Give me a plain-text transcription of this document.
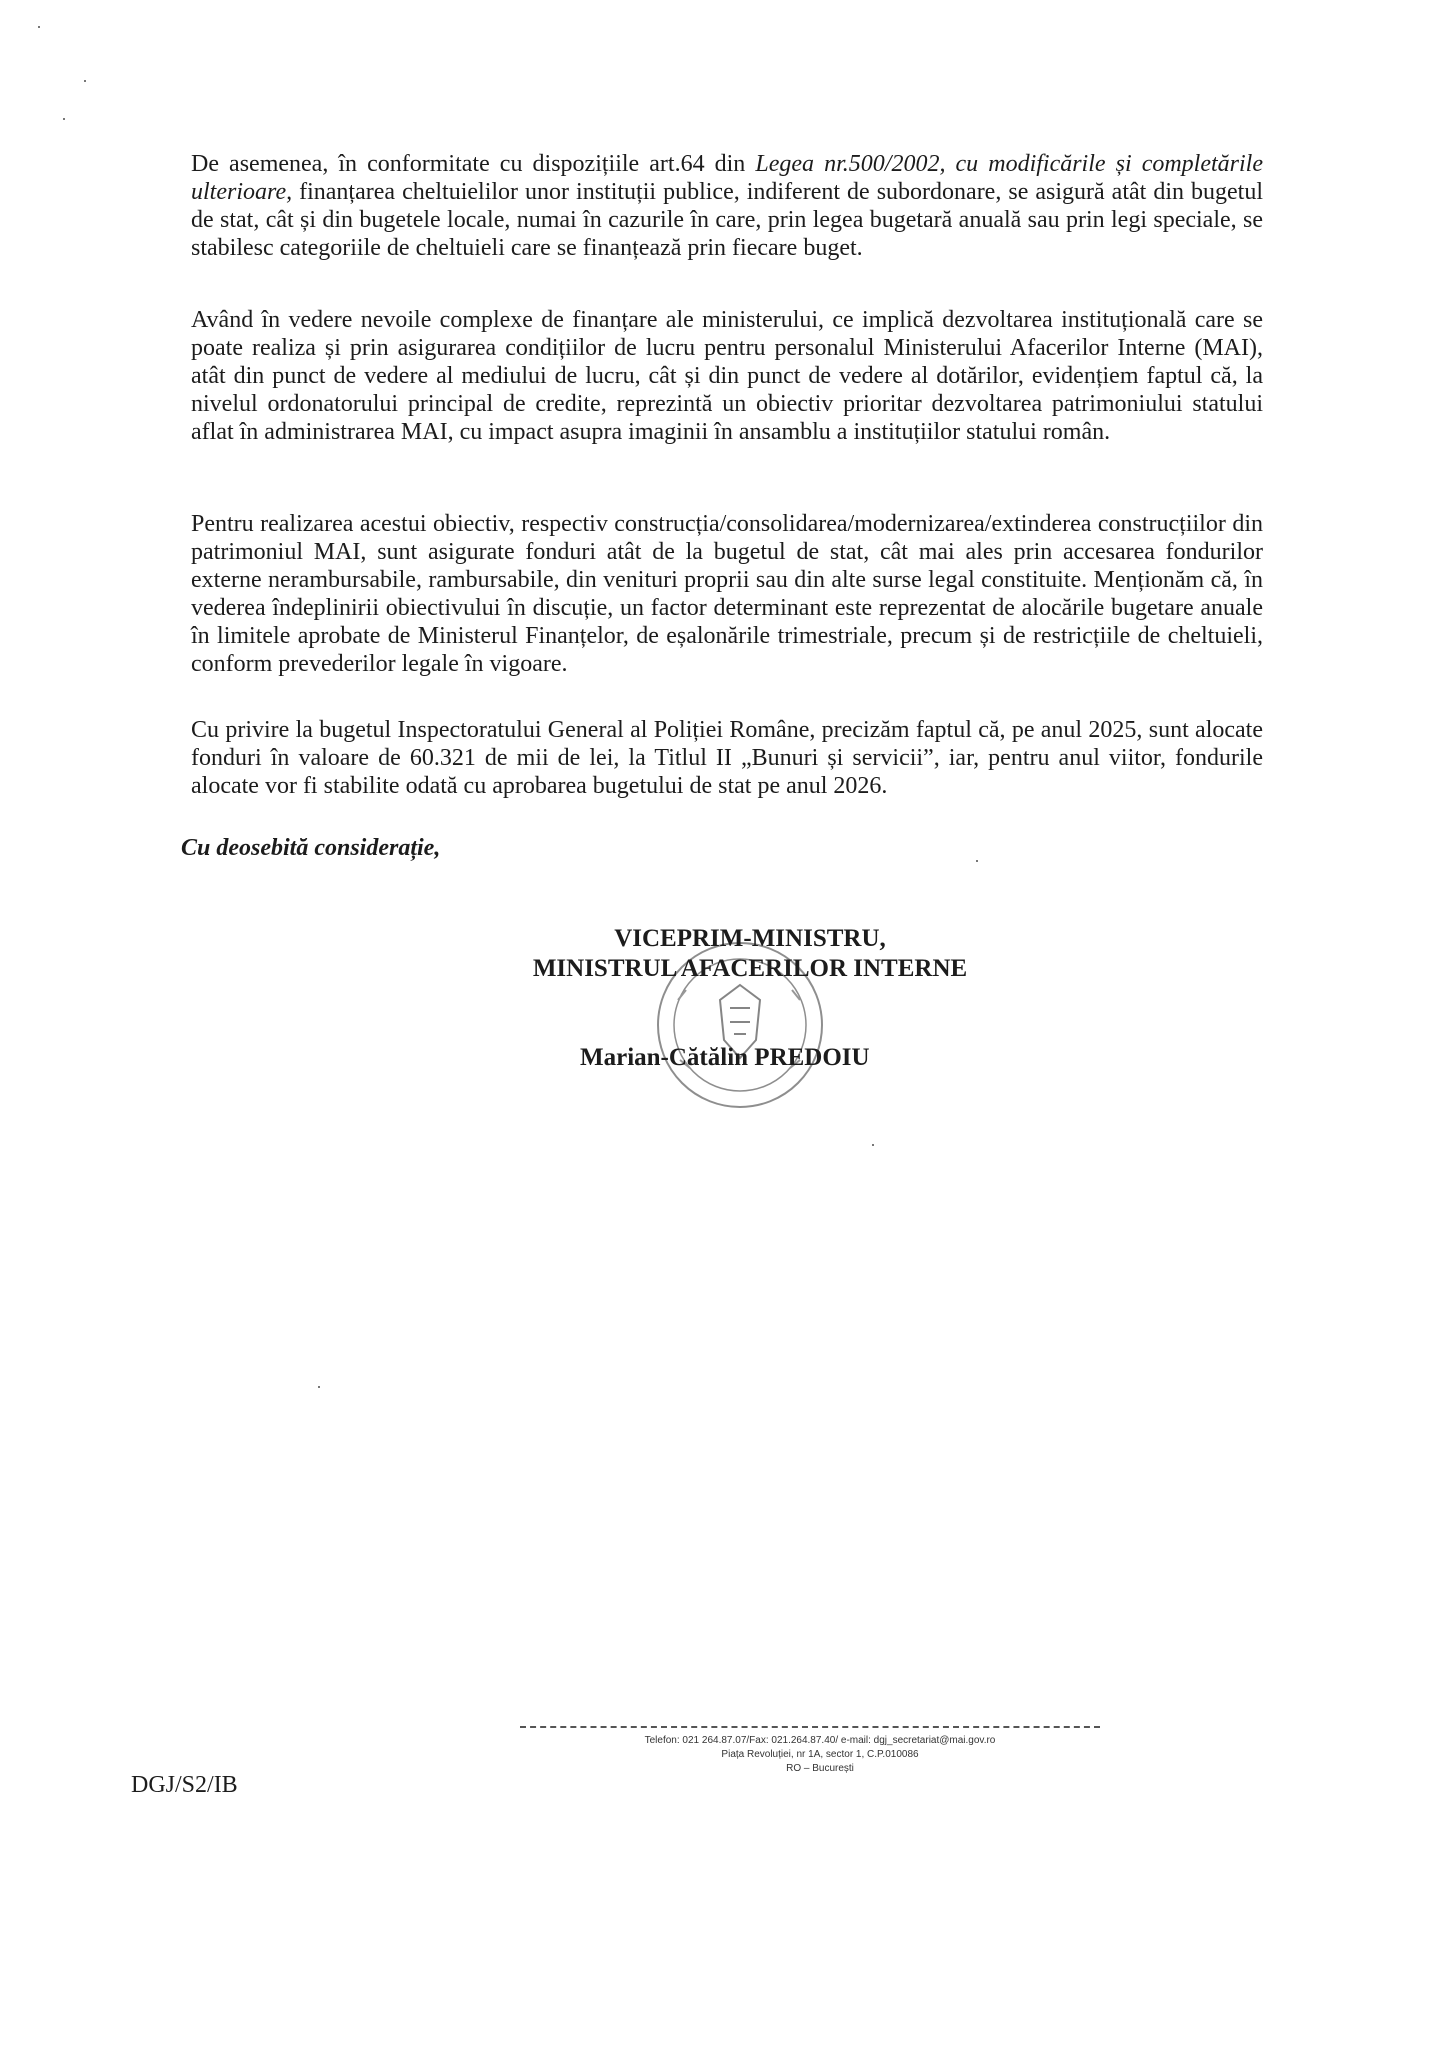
De asemenea, în conformitate cu dispozițiile art.64 din Legea nr.500/2002, cu modificările și completările ulterioare, finanțarea cheltuielilor unor instituții publice, indiferent de subordonare, se asigură atât din bugetul de stat, cât și din bugetele locale, numai în cazurile în care, prin legea bugetară anuală sau prin legi speciale, se stabilesc categoriile de cheltuieli care se finanțează prin fiecare buget.

Având în vedere nevoile complexe de finanțare ale ministerului, ce implică dezvoltarea instituțională care se poate realiza și prin asigurarea condițiilor de lucru pentru personalul Ministerului Afacerilor Interne (MAI), atât din punct de vedere al mediului de lucru, cât și din punct de vedere al dotărilor, evidențiem faptul că, la nivelul ordonatorului principal de credite, reprezintă un obiectiv prioritar dezvoltarea patrimoniului statului aflat în administrarea MAI, cu impact asupra imaginii în ansamblu a instituțiilor statului român.

Pentru realizarea acestui obiectiv, respectiv construcția/consolidarea/modernizarea/extinderea construcțiilor din patrimoniul MAI, sunt asigurate fonduri atât de la bugetul de stat, cât mai ales prin accesarea fondurilor externe nerambursabile, rambursabile, din venituri proprii sau din alte surse legal constituite. Menționăm că, în vederea îndeplinirii obiectivului în discuție, un factor determinant este reprezentat de alocările bugetare anuale în limitele aprobate de Ministerul Finanțelor, de eșalonările trimestriale, precum și de restricțiile de cheltuieli, conform prevederilor legale în vigoare.

Cu privire la bugetul Inspectoratului General al Poliției Române, precizăm faptul că, pe anul 2025, sunt alocate fonduri în valoare de 60.321 de mii de lei, la Titlul II „Bunuri și servicii”, iar, pentru anul viitor, fondurile alocate vor fi stabilite odată cu aprobarea bugetului de stat pe anul 2026.

Cu deosebită considerație,
VICEPRIM-MINISTRU,
MINISTRUL AFACERILOR INTERNE
Marian-Cătălin PREDOIU
Telefon: 021 264.87.07/Fax: 021.264.87.40/ e-mail: dgj_secretariat@mai.gov.ro
Piața Revoluției, nr 1A, sector 1, C.P.010086
RO – București
DGJ/S2/IB
